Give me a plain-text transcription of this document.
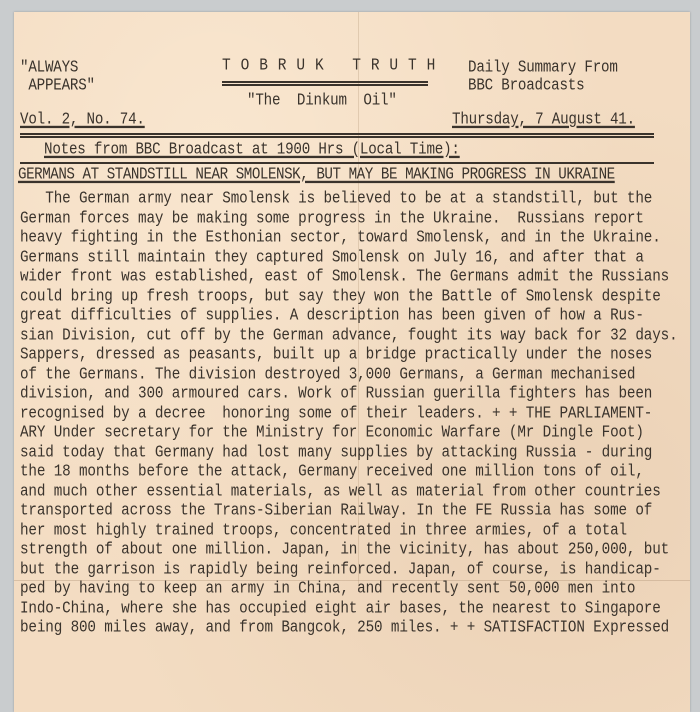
"ALWAYS
APPEARS"
T O B R U K   T R U T H Daily Summary From
BBC Broadcasts
"The  Dinkum  Oil"
Vol. 2, No. 74.	Thursday, 7 August 41.
Notes from BBC Broadcast at 1900 Hrs (Local Time):
GERMANS AT STANDSTILL NEAR SMOLENSK, BUT MAY BE MAKING PROGRESS IN UKRAINE
The German army near Smolensk is believed to be at a standstill, but the
German forces may be making some progress in the Ukraine.  Russians report
heavy fighting in the Esthonian sector, toward Smolensk, and in the Ukraine.
Germans still maintain they captured Smolensk on July 16, and after that a
wider front was established, east of Smolensk. The Germans admit the Russians
could bring up fresh troops, but say they won the Battle of Smolensk despite
great difficulties of supplies. A description has been given of how a Rus-
sian Division, cut off by the German advance, fought its way back for 32 days.
Sappers, dressed as peasants, built up a bridge practically under the noses
of the Germans. The division destroyed 3,000 Germans, a German mechanised
division, and 300 armoured cars. Work of Russian guerilla fighters has been
recognised by a decree  honoring some of their leaders. + + THE PARLIAMENT-
ARY Under secretary for the Ministry for Economic Warfare (Mr Dingle Foot)
said today that Germany had lost many supplies by attacking Russia - during
the 18 months before the attack, Germany received one million tons of oil,
and much other essential materials, as well as material from other countries
transported across the Trans-Siberian Railway. In the FE Russia has some of
her most highly trained troops, concentrated in three armies, of a total
strength of about one million. Japan, in the vicinity, has about 250,000, but
but the garrison is rapidly being reinforced. Japan, of course, is handicap-
ped by having to keep an army in China, and recently sent 50,000 men into
Indo-China, where she has occupied eight air bases, the nearest to Singapore
being 800 miles away, and from Bangcok, 250 miles. + + SATISFACTION Expressed
